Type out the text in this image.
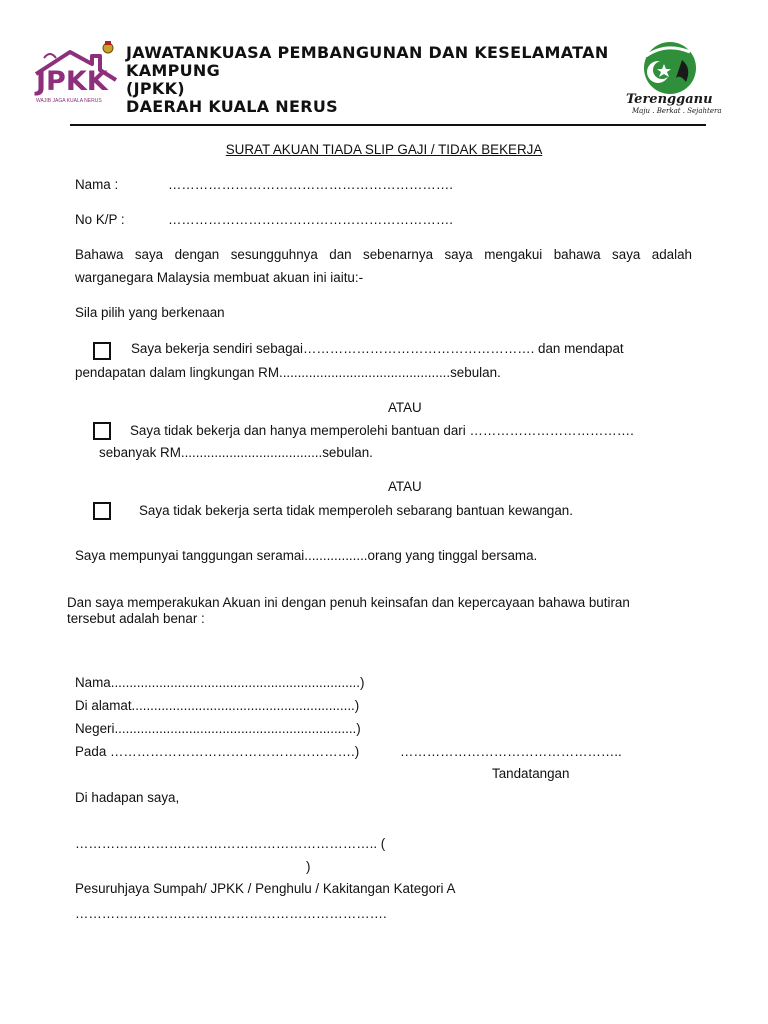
JPKK
WAJIB JAGA KUALA NERUS
JAWATANKUASA PEMBANGUNAN DAN KESELAMATAN
KAMPUNG
(JPKK)
DAERAH KUALA NERUS	Terengganu
Maju . Berkat . Sejahtera
SURAT AKUAN TIADA SLIP GAJI / TIDAK BEKERJA
Nama :	……………………………………………………….
No K/P :	……………………………………………………….
Bahawa saya dengan sesungguhnya dan sebenarnya saya mengakui bahawa saya adalah
warganegara Malaysia membuat akuan ini iaitu:-
Sila pilih yang berkenaan
Saya bekerja sendiri sebagai……………………………………………. dan mendapat
pendapatan dalam lingkungan RM..............................................sebulan.
ATAU
Saya tidak bekerja dan hanya memperolehi bantuan dari ……………………………….
sebanyak RM......................................sebulan.
ATAU
Saya tidak bekerja serta tidak memperoleh sebarang bantuan kewangan.
Saya mempunyai tanggungan seramai.................orang yang tinggal bersama.
Dan saya memperakukan Akuan ini dengan penuh keinsafan dan kepercayaan bahawa butiran
tersebut adalah benar :
Nama...................................................................)
Di alamat............................................................)
Negeri.................................................................)
Pada ……………………………………………….)	…………………………………………..
Tandatangan
Di hadapan saya,
………………………………………………………….. (
)
Pesuruhjaya Sumpah/ JPKK / Penghulu / Kakitangan Kategori A
…………………………………………………………….
